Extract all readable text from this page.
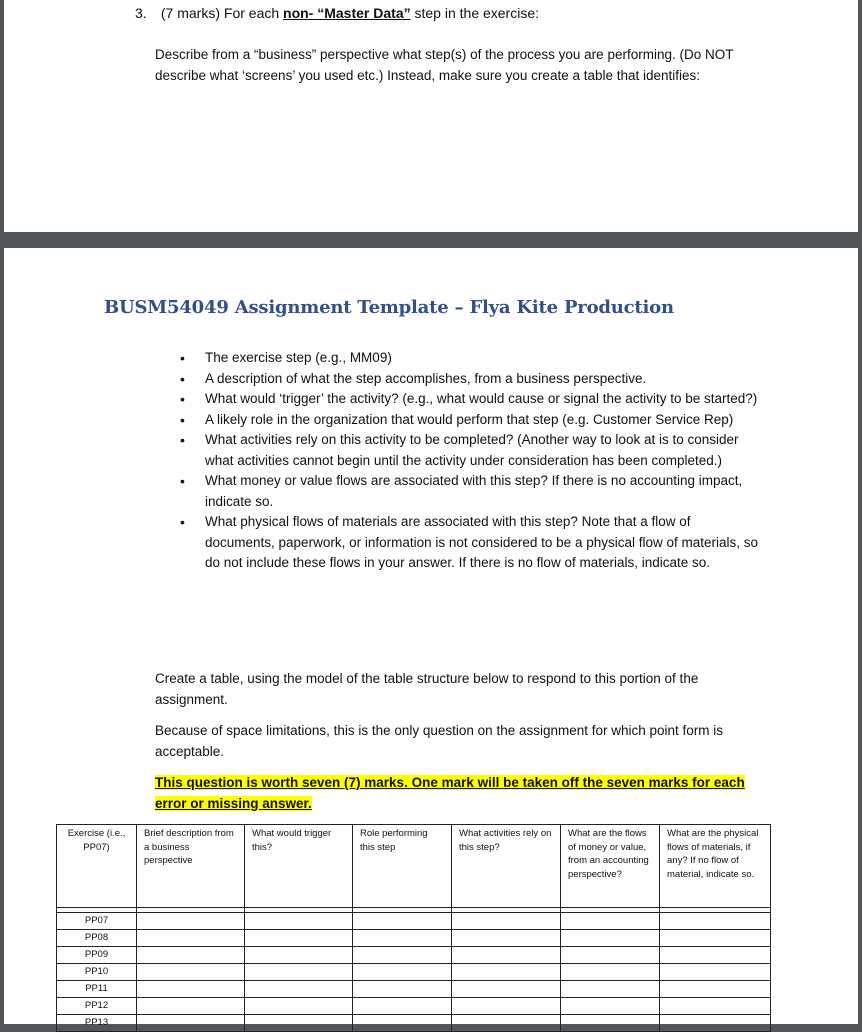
3. (7 marks) For each non- “Master Data” step in the exercise:
Describe from a “business” perspective what step(s) of the process you are performing. (Do NOT describe what ‘screens’ you used etc.) Instead, make sure you create a table that identifies:
BUSM54049 Assignment Template – Flya Kite Production
• The exercise step (e.g., MM09)
• A description of what the step accomplishes, from a business perspective.
• What would ‘trigger’ the activity? (e.g., what would cause or signal the activity to be started?)
• A likely role in the organization that would perform that step (e.g. Customer Service Rep)
• What activities rely on this activity to be completed? (Another way to look at is to consider what activities cannot begin until the activity under consideration has been completed.)
• What money or value flows are associated with this step? If there is no accounting impact, indicate so.
• What physical flows of materials are associated with this step? Note that a flow of documents, paperwork, or information is not considered to be a physical flow of materials, so do not include these flows in your answer. If there is no flow of materials, indicate so.
Create a table, using the model of the table structure below to respond to this portion of the assignment.
Because of space limitations, this is the only question on the assignment for which point form is acceptable.
This question is worth seven (7) marks. One mark will be taken off the seven marks for each error or missing answer.
Exercise (i.e., PP07)	Brief description from a business perspective	What would trigger this?	Role performing this step	What activities rely on this step?	What are the flows of money or value, from an accounting perspective?	What are the physical flows of materials, if any? If no flow of material, indicate so.

PP07						
PP08						
PP09						
PP10						
PP11						
PP12						
PP13						
